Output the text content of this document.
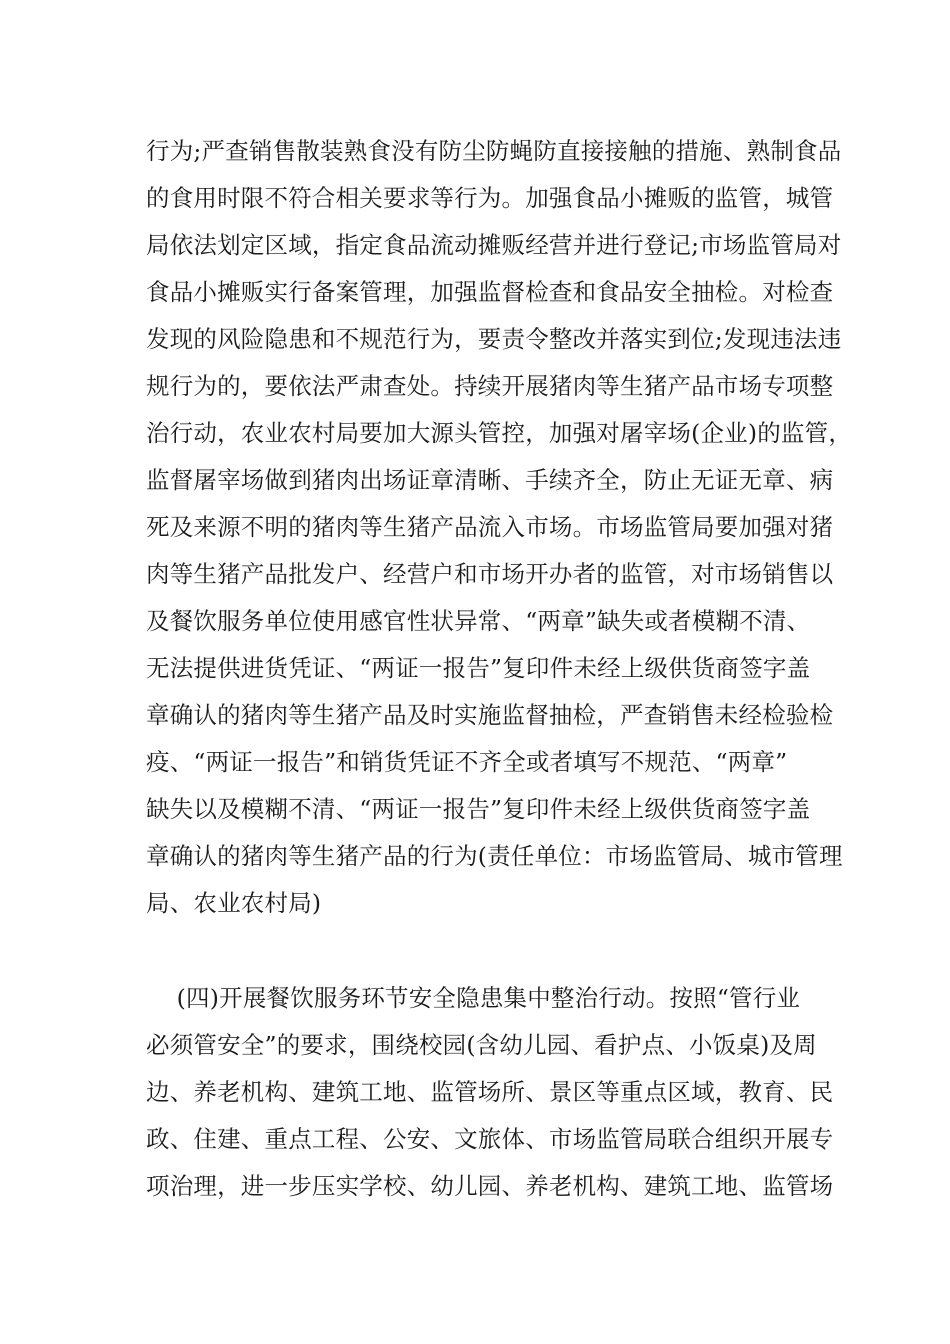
行为;严查销售散装熟食没有防尘防蝇防直接接触的措施、熟制食品
的食用时限不符合相关要求等行为。加强食品小摊贩的监管，城管
局依法划定区域，指定食品流动摊贩经营并进行登记;市场监管局对
食品小摊贩实行备案管理，加强监督检查和食品安全抽检。对检查
发现的风险隐患和不规范行为，要责令整改并落实到位;发现违法违
规行为的，要依法严肃查处。持续开展猪肉等生猪产品市场专项整
治行动，农业农村局要加大源头管控，加强对屠宰场(企业)的监管，
监督屠宰场做到猪肉出场证章清晰、手续齐全，防止无证无章、病
死及来源不明的猪肉等生猪产品流入市场。市场监管局要加强对猪
肉等生猪产品批发户、经营户和市场开办者的监管，对市场销售以
及餐饮服务单位使用感官性状异常、“两章”缺失或者模糊不清、
无法提供进货凭证、“两证一报告”复印件未经上级供货商签字盖
章确认的猪肉等生猪产品及时实施监督抽检，严查销售未经检验检
疫、“两证一报告”和销货凭证不齐全或者填写不规范、“两章”
缺失以及模糊不清、“两证一报告”复印件未经上级供货商签字盖
章确认的猪肉等生猪产品的行为(责任单位：市场监管局、城市管理
局、农业农村局)
(四)开展餐饮服务环节安全隐患集中整治行动。按照“管行业
必须管安全”的要求，围绕校园(含幼儿园、看护点、小饭桌)及周
边、养老机构、建筑工地、监管场所、景区等重点区域，教育、民
政、住建、重点工程、公安、文旅体、市场监管局联合组织开展专
项治理，进一步压实学校、幼儿园、养老机构、建筑工地、监管场
